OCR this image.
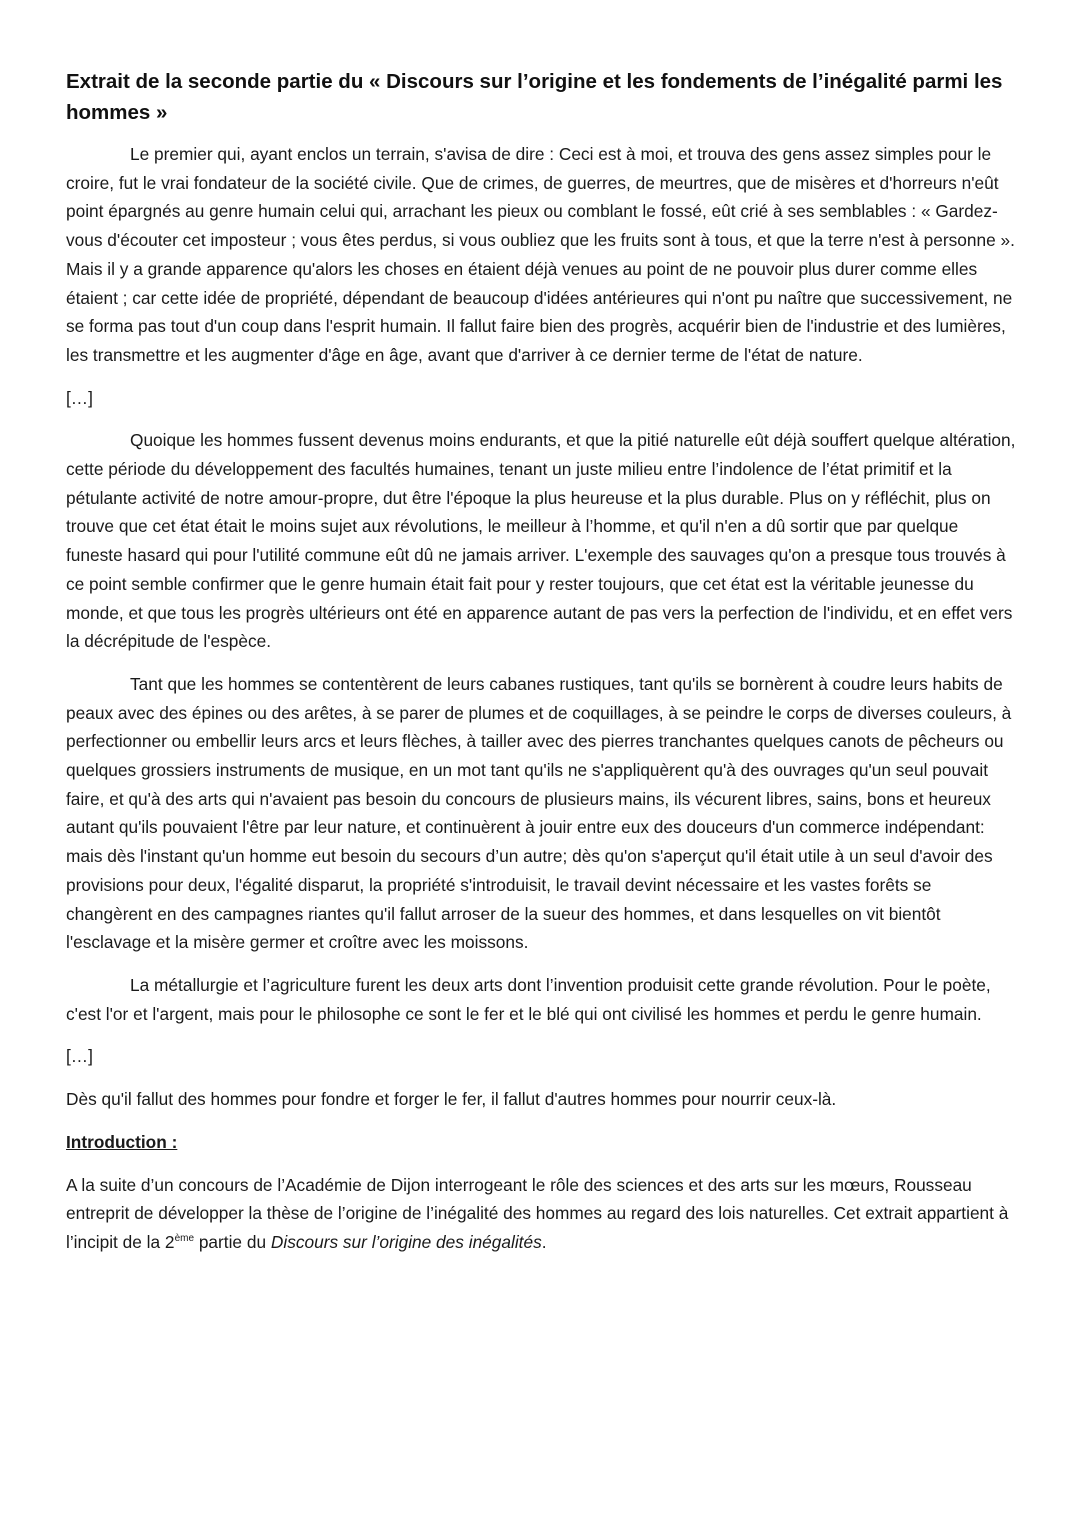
Extrait de la seconde partie du « Discours sur l’origine et les fondements de l’inégalité parmi les hommes »

Le premier qui, ayant enclos un terrain, s'avisa de dire : Ceci est à moi, et trouva des gens assez simples pour le croire, fut le vrai fondateur de la société civile. Que de crimes, de guerres, de meurtres, que de misères et d'horreurs n'eût point épargnés au genre humain celui qui, arrachant les pieux ou comblant le fossé, eût crié à ses semblables : « Gardez-vous d'écouter cet imposteur ; vous êtes perdus, si vous oubliez que les fruits sont à tous, et que la terre n'est à personne ». Mais il y a grande apparence qu'alors les choses en étaient déjà venues au point de ne pouvoir plus durer comme elles étaient ; car cette idée de propriété, dépendant de beaucoup d'idées antérieures qui n'ont pu naître que successivement, ne se forma pas tout d'un coup dans l'esprit humain. Il fallut faire bien des progrès, acquérir bien de l'industrie et des lumières, les transmettre et les augmenter d'âge en âge, avant que d'arriver à ce dernier terme de l'état de nature.

[…]

Quoique les hommes fussent devenus moins endurants, et que la pitié naturelle eût déjà souffert quelque altération, cette période du développement des facultés humaines, tenant un juste milieu entre l’indolence de l’état primitif et la pétulante activité de notre amour-propre, dut être l'époque la plus heureuse et la plus durable. Plus on y réfléchit, plus on trouve que cet état était le moins sujet aux révolutions, le meilleur à l’homme, et qu'il n'en a dû sortir que par quelque funeste hasard qui pour l'utilité commune eût dû ne jamais arriver. L'exemple des sauvages qu'on a presque tous trouvés à ce point semble confirmer que le genre humain était fait pour y rester toujours, que cet état est la véritable jeunesse du monde, et que tous les progrès ultérieurs ont été en apparence autant de pas vers la perfection de l'individu, et en effet vers la décrépitude de l'espèce.

Tant que les hommes se contentèrent de leurs cabanes rustiques, tant qu'ils se bornèrent à coudre leurs habits de peaux avec des épines ou des arêtes, à se parer de plumes et de coquillages, à se peindre le corps de diverses couleurs, à perfectionner ou embellir leurs arcs et leurs flèches, à tailler avec des pierres tranchantes quelques canots de pêcheurs ou quelques grossiers instruments de musique, en un mot tant qu'ils ne s'appliquèrent qu'à des ouvrages qu'un seul pouvait faire, et qu'à des arts qui n'avaient pas besoin du concours de plusieurs mains, ils vécurent libres, sains, bons et heureux autant qu'ils pouvaient l'être par leur nature, et continuèrent à jouir entre eux des douceurs d'un commerce indépendant: mais dès l'instant qu'un homme eut besoin du secours d’un autre; dès qu'on s'aperçut qu'il était utile à un seul d'avoir des provisions pour deux, l'égalité disparut, la propriété s'introduisit, le travail devint nécessaire et les vastes forêts se changèrent en des campagnes riantes qu'il fallut arroser de la sueur des hommes, et dans lesquelles on vit bientôt l'esclavage et la misère germer et croître avec les moissons.

La métallurgie et l’agriculture furent les deux arts dont l’invention produisit cette grande révolution. Pour le poète, c'est l'or et l'argent, mais pour le philosophe ce sont le fer et le blé qui ont civilisé les hommes et perdu le genre humain.

[…]

Dès qu'il fallut des hommes pour fondre et forger le fer, il fallut d'autres hommes pour nourrir ceux-là.

Introduction :

A la suite d’un concours de l’Académie de Dijon interrogeant le rôle des sciences et des arts sur les mœurs, Rousseau entreprit de développer la thèse de l’origine de l’inégalité des hommes au regard des lois naturelles. Cet extrait appartient à l’incipit de la 2ème partie du Discours sur l’origine des inégalités.
